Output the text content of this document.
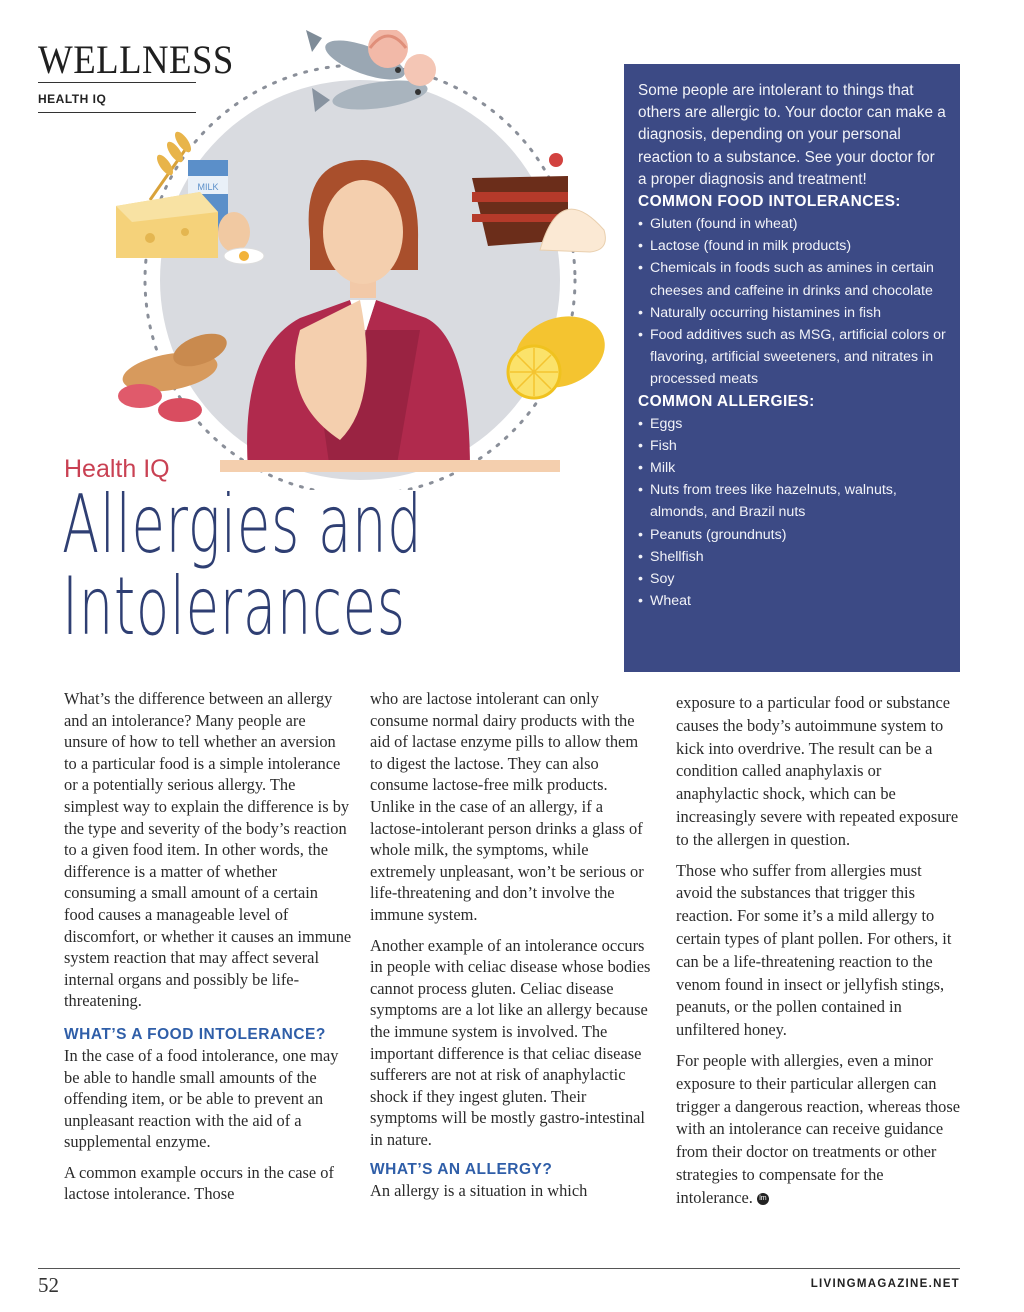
WELLNESS
HEALTH IQ
MILK
Health IQ
Allergies and
Intolerances

Some people are intolerant to things that others are allergic to. Your doctor can make a diagnosis, depending on your personal reaction to a substance. See your doctor for a proper diagnosis and treatment!

COMMON FOOD INTOLERANCES:
• Gluten (found in wheat)
• Lactose (found in milk products)
• Chemicals in foods such as amines in certain cheeses and caffeine in drinks and chocolate
• Naturally occurring histamines in fish
• Food additives such as MSG, artificial colors or flavoring, artificial sweeteners, and nitrates in processed meats
COMMON ALLERGIES:
• Eggs
• Fish
• Milk
• Nuts from trees like hazelnuts, walnuts, almonds, and Brazil nuts
• Peanuts (groundnuts)
• Shellfish
• Soy
• Wheat

What’s the difference between an allergy and an intolerance? Many people are unsure of how to tell whether an aversion to a particular food is a simple intolerance or a potentially serious allergy. The simplest way to explain the difference is by the type and severity of the body’s reaction to a given food item. In other words, the difference is a matter of whether consuming a small amount of a certain food causes a manageable level of discomfort, or whether it causes an immune system reaction that may affect several internal organs and possibly be life-threatening.

WHAT’S A FOOD INTOLERANCE?

In the case of a food intolerance, one may be able to handle small amounts of the offending item, or be able to prevent an unpleasant reaction with the aid of a supplemental enzyme.

A common example occurs in the case of lactose intolerance. Those

who are lactose intolerant can only consume normal dairy products with the aid of lactase enzyme pills to allow them to digest the lactose. They can also consume lactose-free milk products. Unlike in the case of an allergy, if a lactose-intolerant person drinks a glass of whole milk, the symptoms, while extremely unpleasant, won’t be serious or life-threatening and don’t involve the immune system.

Another example of an intolerance occurs in people with celiac disease whose bodies cannot process gluten. Celiac disease symptoms are a lot like an allergy because the immune system is involved. The important difference is that celiac disease sufferers are not at risk of anaphylactic shock if they ingest gluten. Their symptoms will be mostly gastro-intestinal in nature.

WHAT’S AN ALLERGY?

An allergy is a situation in which

exposure to a particular food or substance causes the body’s autoimmune system to kick into overdrive. The result can be a condition called anaphylaxis or anaphylactic shock, which can be increasingly severe with repeated exposure to the allergen in question.

Those who suffer from allergies must avoid the substances that trigger this reaction. For some it’s a mild allergy to certain types of plant pollen. For others, it can be a life-threatening reaction to the venom found in insect or jellyfish stings, peanuts, or the pollen contained in unfiltered honey.

For people with allergies, even a minor exposure to their particular allergen can trigger a dangerous reaction, whereas those with an intolerance can receive guidance from their doctor on treatments or other strategies to compensate for the intolerance. lm

52	LIVINGMAGAZINE.NET
